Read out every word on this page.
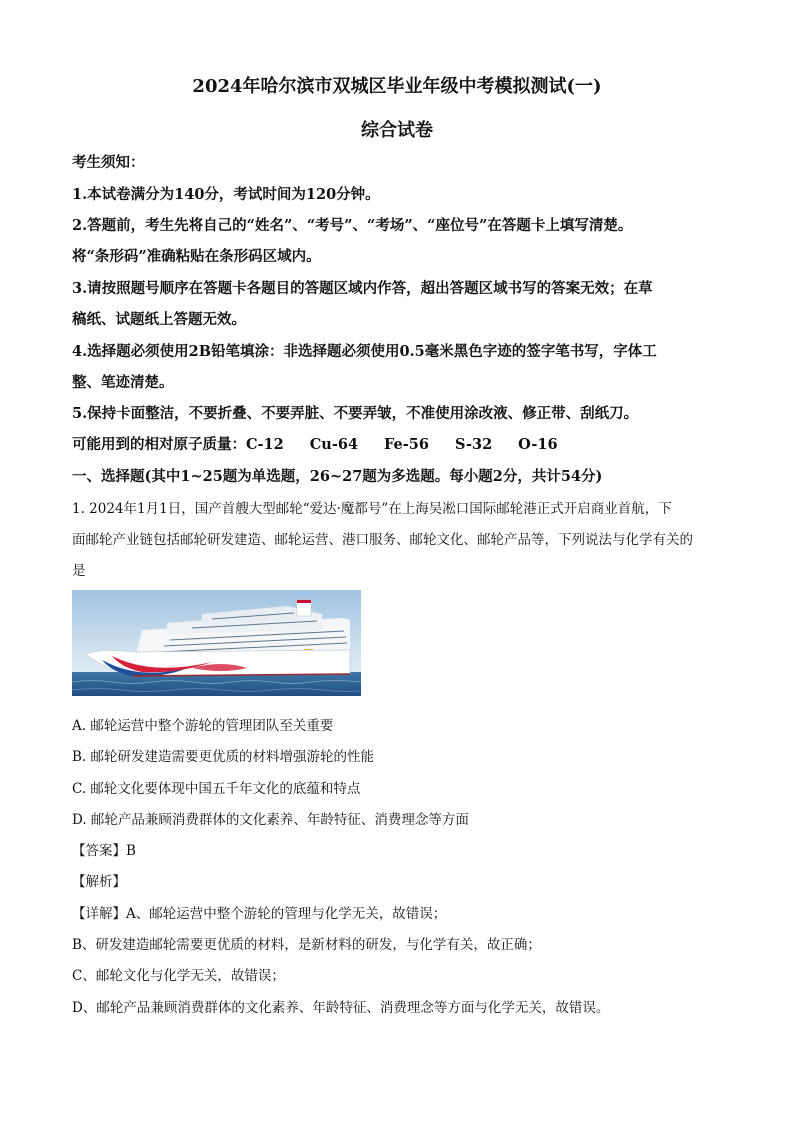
2024年哈尔滨市双城区毕业年级中考模拟测试(一)
综合试卷
考生须知：
1.本试卷满分为140分，考试时间为120分钟。
2.答题前，考生先将自己的“姓名”、“考号”、“考场”、“座位号”在答题卡上填写清楚。
将“条形码”准确粘贴在条形码区域内。
3.请按照题号顺序在答题卡各题目的答题区域内作答，超出答题区域书写的答案无效；在草
稿纸、试题纸上答题无效。
4.选择题必须使用2B铅笔填涂：非选择题必须使用0.5毫米黑色字迹的签字笔书写，字体工
整、笔迹清楚。
5.保持卡面整洁，不要折叠、不要弄脏、不要弄皱，不准使用涂改液、修正带、刮纸刀。
可能用到的相对原子质量：C-12 Cu-64 Fe-56 S-32 O-16
一、选择题(其中1~25题为单选题，26~27题为多选题。每小题2分，共计54分)
1. 2024年1月1日，国产首艘大型邮轮“爱达·魔都号”在上海吴凇口国际邮轮港正式开启商业首航，下
面邮轮产业链包括邮轮研发建造、邮轮运营、港口服务、邮轮文化、邮轮产品等，下列说法与化学有关的
是
A. 邮轮运营中整个游轮的管理团队至关重要
B. 邮轮研发建造需要更优质的材料增强游轮的性能
C. 邮轮文化要体现中国五千年文化的底蕴和特点
D. 邮轮产品兼顾消费群体的文化素养、年龄特征、消费理念等方面
【答案】B
【解析】
【详解】A、邮轮运营中整个游轮的管理与化学无关，故错误；
B、研发建造邮轮需要更优质的材料，是新材料的研发，与化学有关，故正确；
C、邮轮文化与化学无关，故错误；
D、邮轮产品兼顾消费群体的文化素养、年龄特征、消费理念等方面与化学无关，故错误。
